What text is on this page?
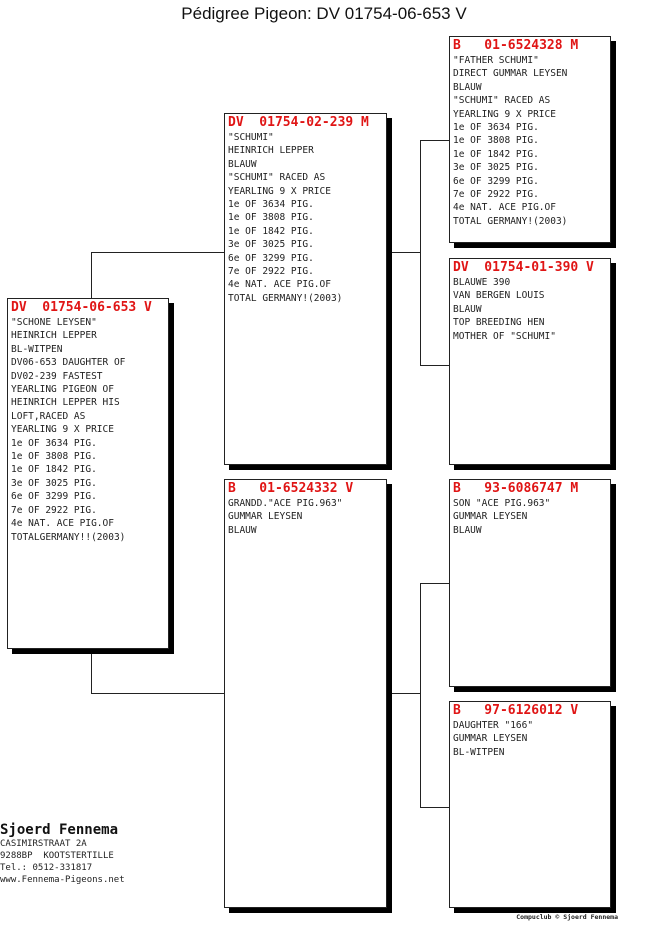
Pédigree Pigeon: DV 01754-06-653 V
DV  01754-06-653 V
"SCHONE LEYSEN"
HEINRICH LEPPER
BL-WITPEN
DV06-653 DAUGHTER OF
DV02-239 FASTEST
YEARLING PIGEON OF
HEINRICH LEPPER HIS
LOFT,RACED AS
YEARLING 9 X PRICE
1e OF 3634 PIG.
1e OF 3808 PIG.
1e OF 1842 PIG.
3e OF 3025 PIG.
6e OF 3299 PIG.
7e OF 2922 PIG.
4e NAT. ACE PIG.OF
TOTALGERMANY!!(2003)
DV  01754-02-239 M
"SCHUMI"
HEINRICH LEPPER
BLAUW
"SCHUMI" RACED AS
YEARLING 9 X PRICE
1e OF 3634 PIG.
1e OF 3808 PIG.
1e OF 1842 PIG.
3e OF 3025 PIG.
6e OF 3299 PIG.
7e OF 2922 PIG.
4e NAT. ACE PIG.OF
TOTAL GERMANY!(2003)
B   01-6524332 V
GRANDD."ACE PIG.963"
GUMMAR LEYSEN
BLAUW
B   01-6524328 M
"FATHER SCHUMI"
DIRECT GUMMAR LEYSEN
BLAUW
"SCHUMI" RACED AS
YEARLING 9 X PRICE
1e OF 3634 PIG.
1e OF 3808 PIG.
1e OF 1842 PIG.
3e OF 3025 PIG.
6e OF 3299 PIG.
7e OF 2922 PIG.
4e NAT. ACE PIG.OF
TOTAL GERMANY!(2003)
DV  01754-01-390 V
BLAUWE 390
VAN BERGEN LOUIS
BLAUW
TOP BREEDING HEN
MOTHER OF "SCHUMI"
B   93-6086747 M
SON "ACE PIG.963"
GUMMAR LEYSEN
BLAUW
B   97-6126012 V
DAUGHTER "166"
GUMMAR LEYSEN
BL-WITPEN
Sjoerd Fennema
CASIMIRSTRAAT 2A
9288BP  KOOTSTERTILLE
Tel.: 0512-331817
www.Fennema-Pigeons.net
Compuclub © Sjoerd Fennema
